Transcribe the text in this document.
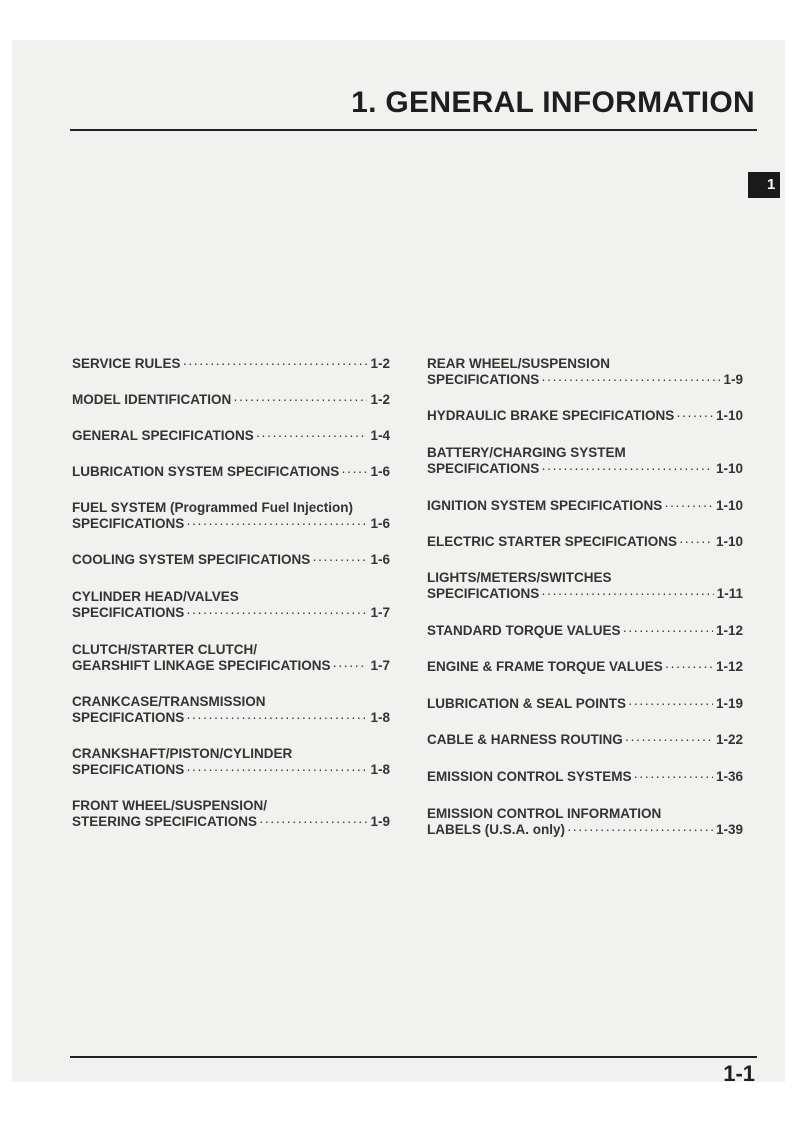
1. GENERAL INFORMATION
1
SERVICE RULES ·····	1-2
MODEL IDENTIFICATION ·····	1-2
GENERAL SPECIFICATIONS ·····	1-4
LUBRICATION SYSTEM SPECIFICATIONS ····· 1-6
FUEL SYSTEM (Programmed Fuel Injection)
SPECIFICATIONS ·····	1-6
COOLING SYSTEM SPECIFICATIONS ·····	1-6
CYLINDER HEAD/VALVES
SPECIFICATIONS ·····	1-7
CLUTCH/STARTER CLUTCH/
GEARSHIFT LINKAGE SPECIFICATIONS ·····	1-7
CRANKCASE/TRANSMISSION
SPECIFICATIONS ·····	1-8
CRANKSHAFT/PISTON/CYLINDER
SPECIFICATIONS ·····	1-8
FRONT WHEEL/SUSPENSION/
STEERING SPECIFICATIONS ·····	1-9
REAR WHEEL/SUSPENSION
SPECIFICATIONS ·····	1-9
HYDRAULIC BRAKE SPECIFICATIONS ·····	1-10
BATTERY/CHARGING SYSTEM
SPECIFICATIONS ·····	1-10
IGNITION SYSTEM SPECIFICATIONS ·····	1-10
ELECTRIC STARTER SPECIFICATIONS ·····	1-10
LIGHTS/METERS/SWITCHES
SPECIFICATIONS ·····	1-11
STANDARD TORQUE VALUES ·····	1-12
ENGINE & FRAME TORQUE VALUES ·····	1-12
LUBRICATION & SEAL POINTS ·····	1-19
CABLE & HARNESS ROUTING ·····	1-22
EMISSION CONTROL SYSTEMS ·····	1-36
EMISSION CONTROL INFORMATION
LABELS (U.S.A. only) ·····	1-39
1-1
